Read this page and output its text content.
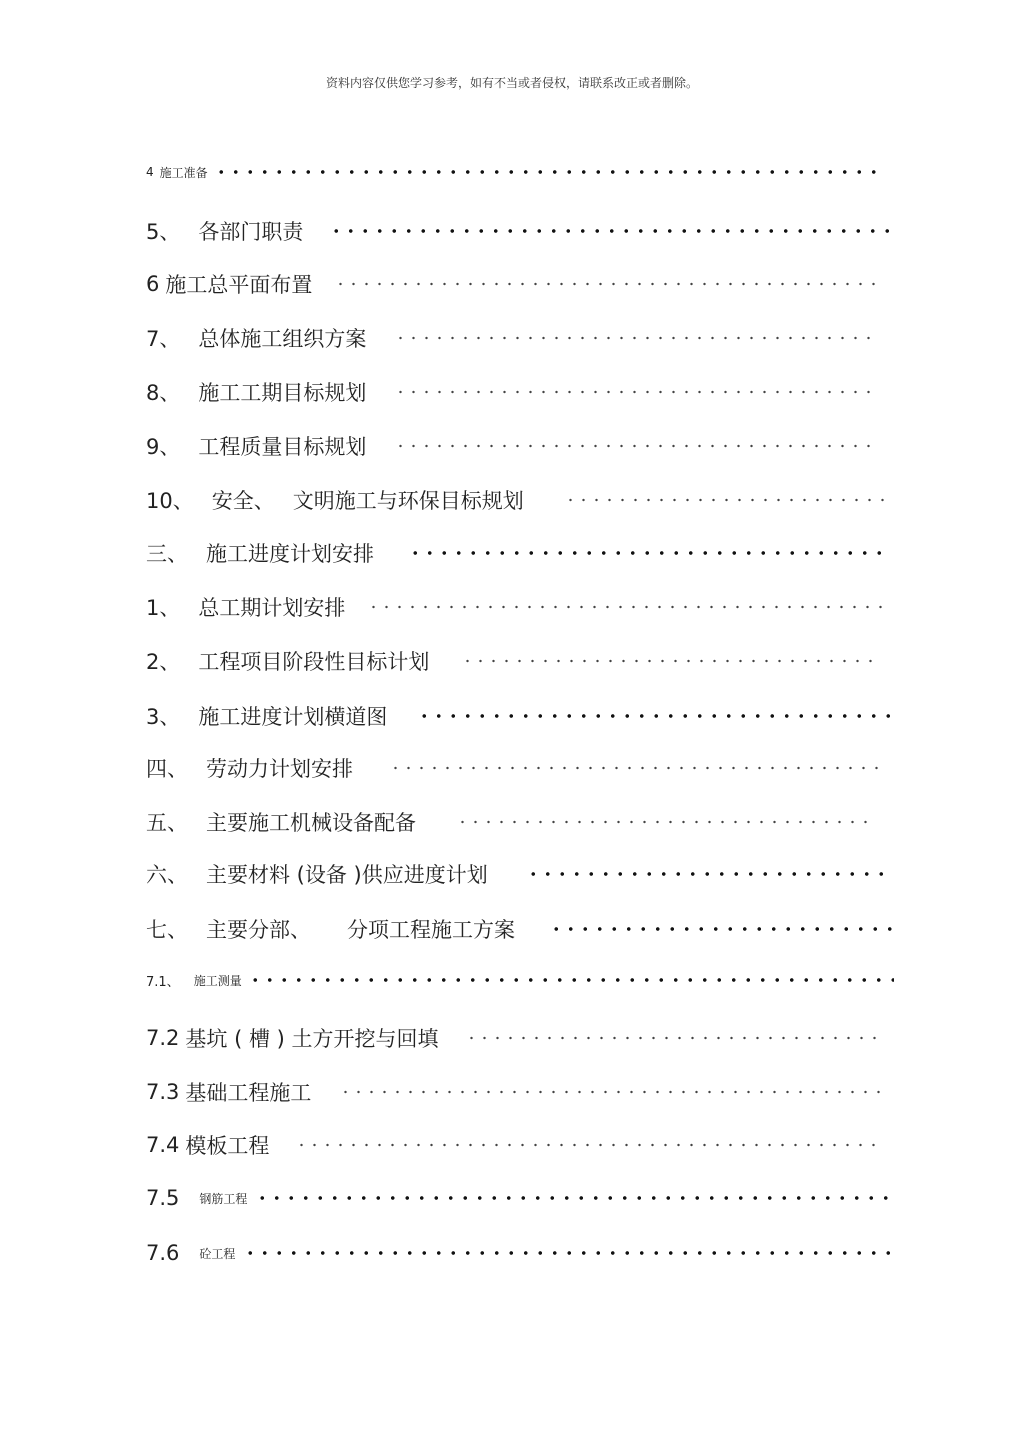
资料内容仅供您学习参考，如有不当或者侵权，请联系改正或者删除。
4 施工准备
5、 各部门职责
6 施工总平面布置
7、 总体施工组织方案
8、 施工工期目标规划
9、 工程质量目标规划
10、 安全、 文明施工与环保目标规划
三、 施工进度计划安排
1、 总工期计划安排
2、 工程项目阶段性目标计划
3、 施工进度计划横道图
四、 劳动力计划安排
五、 主要施工机械设备配备
六、 主要材料 (设备 )供应进度计划
七、 主要分部、 分项工程施工方案
7.1、 施工测量
7.2 基坑 ( 槽 ) 土方开挖与回填
7.3 基础工程施工
7.4 模板工程
7.5 钢筋工程
7.6 砼工程
